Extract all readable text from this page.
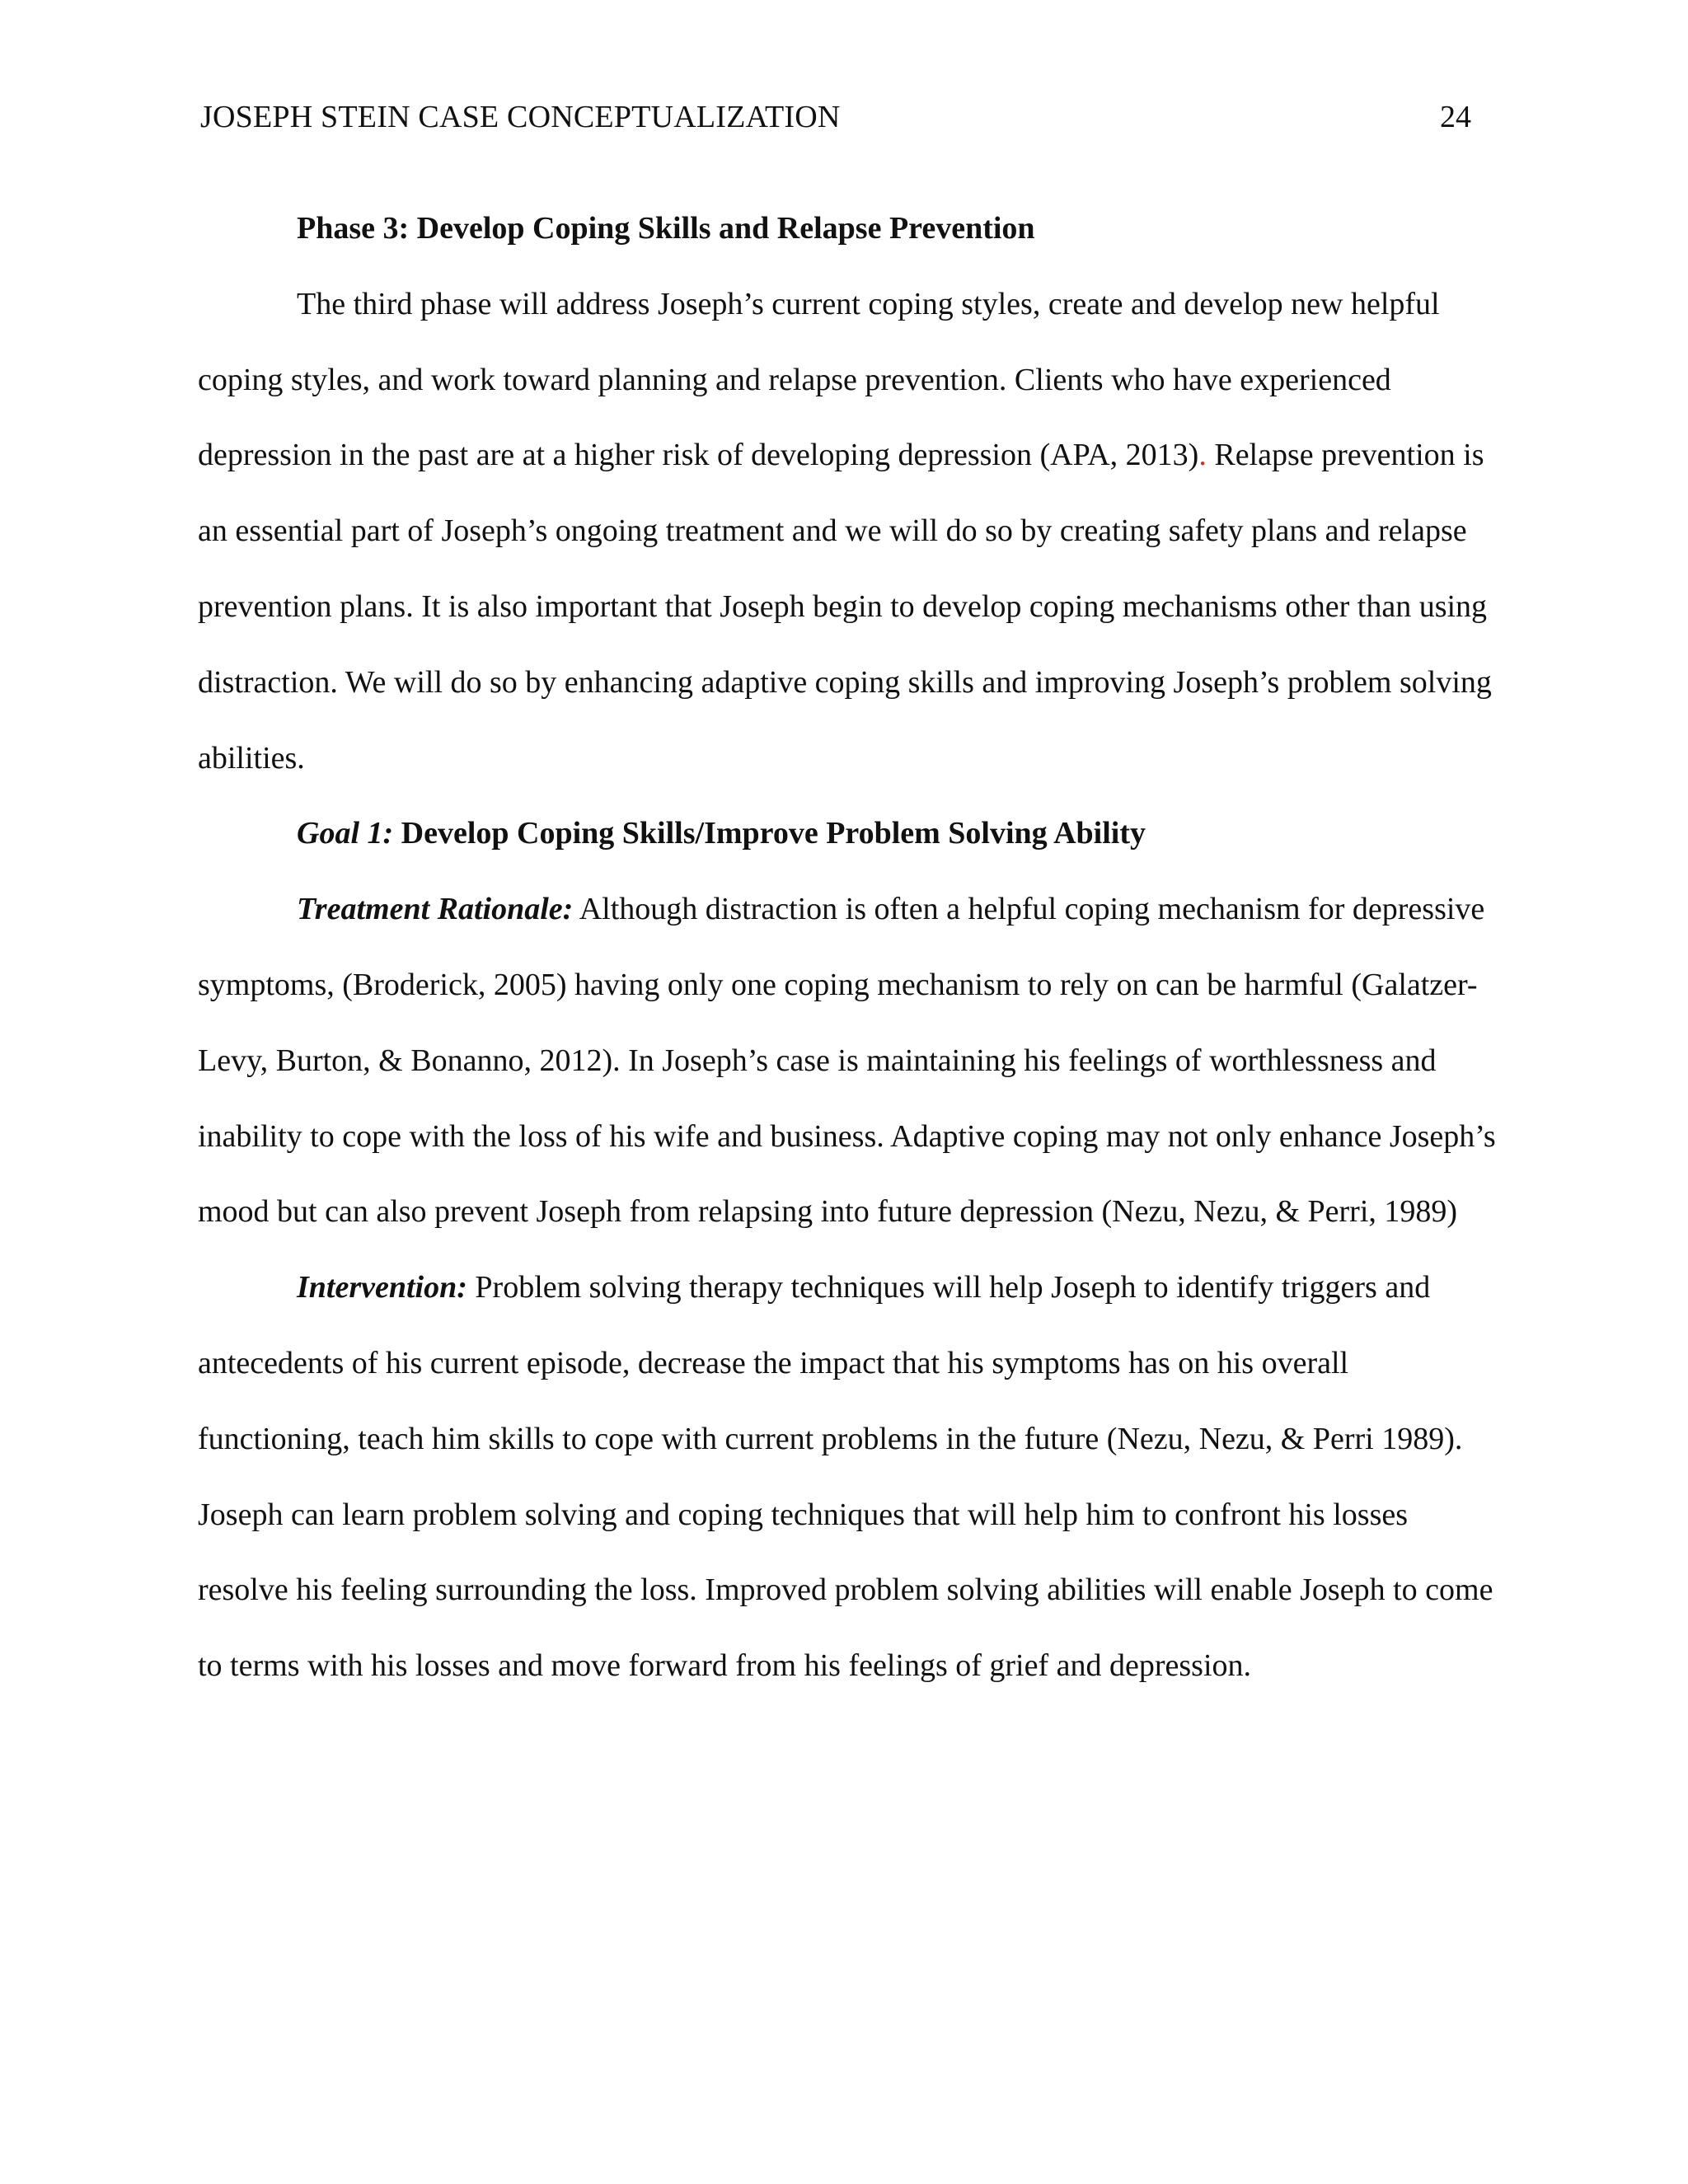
JOSEPH STEIN CASE CONCEPTUALIZATION	24

Phase 3: Develop Coping Skills and Relapse Prevention

The third phase will address Joseph’s current coping styles, create and develop new helpful coping styles, and work toward planning and relapse prevention. Clients who have experienced depression in the past are at a higher risk of developing depression (APA, 2013). Relapse prevention is an essential part of Joseph’s ongoing treatment and we will do so by creating safety plans and relapse prevention plans. It is also important that Joseph begin to develop coping mechanisms other than using distraction. We will do so by enhancing adaptive coping skills and improving Joseph’s problem solving abilities.

Goal 1: Develop Coping Skills/Improve Problem Solving Ability

Treatment Rationale: Although distraction is often a helpful coping mechanism for depressive symptoms, (Broderick, 2005) having only one coping mechanism to rely on can be harmful (Galatzer-Levy, Burton, & Bonanno, 2012). In Joseph’s case is maintaining his feelings of worthlessness and inability to cope with the loss of his wife and business. Adaptive coping may not only enhance Joseph’s mood but can also prevent Joseph from relapsing into future depression (Nezu, Nezu, & Perri, 1989)

Intervention: Problem solving therapy techniques will help Joseph to identify triggers and antecedents of his current episode, decrease the impact that his symptoms has on his overall functioning, teach him skills to cope with current problems in the future (Nezu, Nezu, & Perri 1989). Joseph can learn problem solving and coping techniques that will help him to confront his losses resolve his feeling surrounding the loss. Improved problem solving abilities will enable Joseph to come to terms with his losses and move forward from his feelings of grief and depression.
